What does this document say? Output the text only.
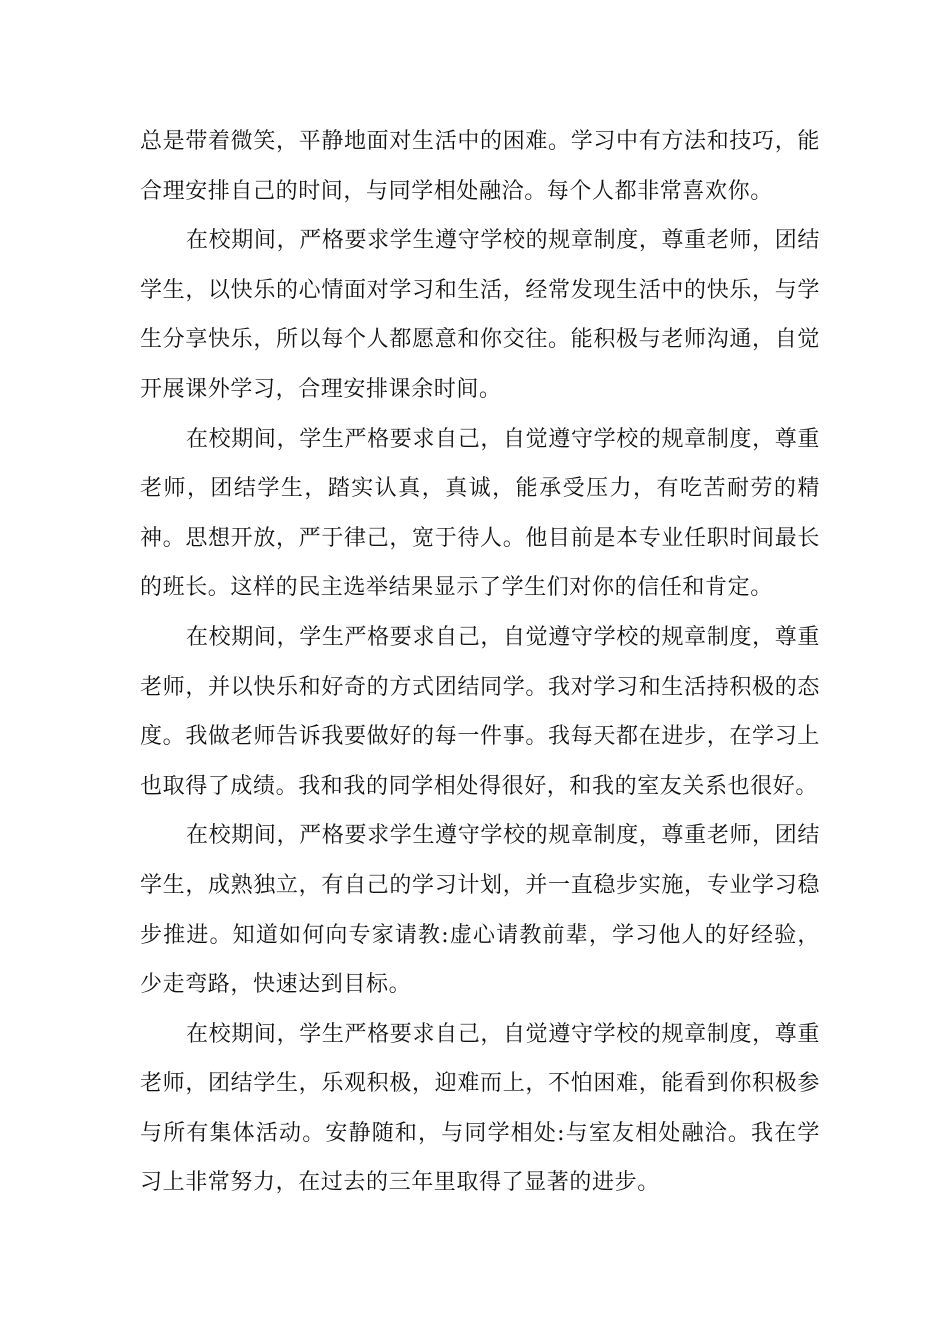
总是带着微笑，平静地面对生活中的困难。学习中有方法和技巧，能合理安排自己的时间，与同学相处融洽。每个人都非常喜欢你。

在校期间，严格要求学生遵守学校的规章制度，尊重老师，团结学生，以快乐的心情面对学习和生活，经常发现生活中的快乐，与学生分享快乐，所以每个人都愿意和你交往。能积极与老师沟通，自觉开展课外学习，合理安排课余时间。

在校期间，学生严格要求自己，自觉遵守学校的规章制度，尊重老师，团结学生，踏实认真，真诚，能承受压力，有吃苦耐劳的精神。思想开放，严于律己，宽于待人。他目前是本专业任职时间最长的班长。这样的民主选举结果显示了学生们对你的信任和肯定。

在校期间，学生严格要求自己，自觉遵守学校的规章制度，尊重老师，并以快乐和好奇的方式团结同学。我对学习和生活持积极的态度。我做老师告诉我要做好的每一件事。我每天都在进步，在学习上也取得了成绩。我和我的同学相处得很好，和我的室友关系也很好。

在校期间，严格要求学生遵守学校的规章制度，尊重老师，团结学生，成熟独立，有自己的学习计划，并一直稳步实施，专业学习稳步推进。知道如何向专家请教:虚心请教前辈，学习他人的好经验，少走弯路，快速达到目标。

在校期间，学生严格要求自己，自觉遵守学校的规章制度，尊重老师，团结学生，乐观积极，迎难而上，不怕困难，能看到你积极参与所有集体活动。安静随和，与同学相处:与室友相处融洽。我在学习上非常努力，在过去的三年里取得了显著的进步。
